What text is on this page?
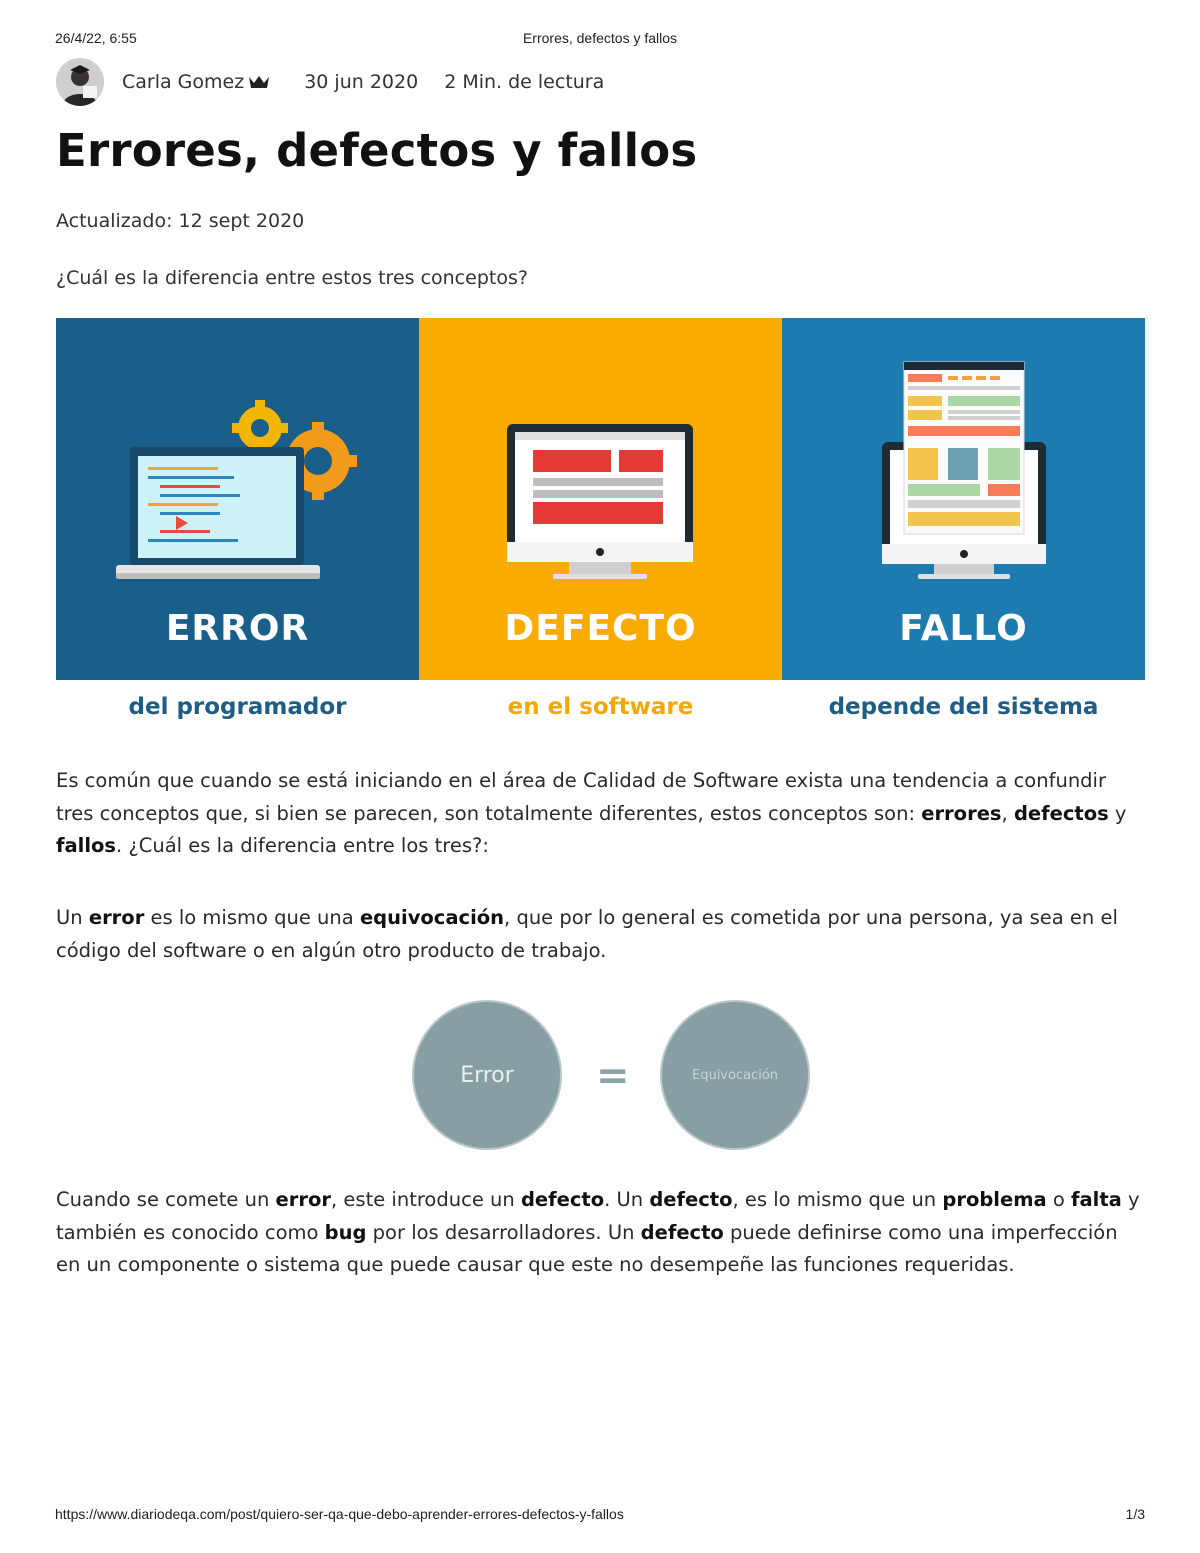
26/4/22, 6:55	Errores, defectos y fallos
Carla Gomez	30 jun 2020 2 Min. de lectura
Errores, defectos y fallos
Actualizado: 12 sept 2020
¿Cuál es la diferencia entre estos tres conceptos?
ERROR	DEFECTO	FALLO
del programador	en el software	depende del sistema

Es común que cuando se está iniciando en el área de Calidad de Software exista una tendencia a confundir tres conceptos que, si bien se parecen, son totalmente diferentes, estos conceptos son: errores, defectos y fallos. ¿Cuál es la diferencia entre los tres?:

Un error es lo mismo que una equivocación, que por lo general es cometida por una persona, ya sea en el código del software o en algún otro producto de trabajo.

Error	=	Equivocación

Cuando se comete un error, este introduce un defecto. Un defecto, es lo mismo que un problema o falta y también es conocido como bug por los desarrolladores. Un defecto puede definirse como una imperfección en un componente o sistema que puede causar que este no desempeñe las funciones requeridas.

https://www.diariodeqa.com/post/quiero-ser-qa-que-debo-aprender-errores-defectos-y-fallos	1/3
